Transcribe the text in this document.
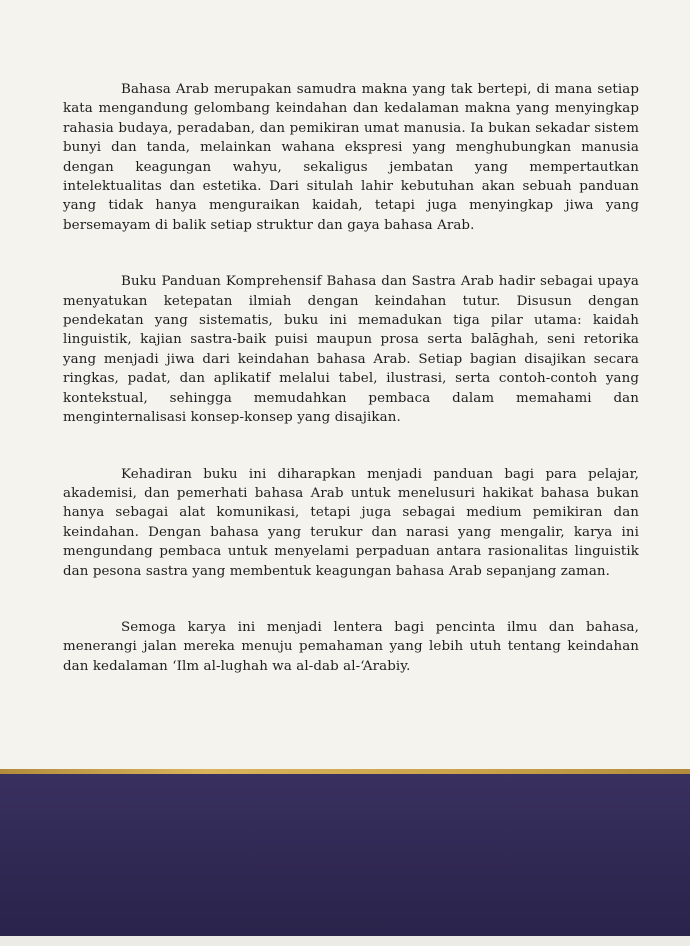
Bahasa Arab merupakan samudra makna yang tak bertepi, di mana setiap kata mengandung gelombang keindahan dan kedalaman makna yang menyingkap rahasia budaya, peradaban, dan pemikiran umat manusia. Ia bukan sekadar sistem bunyi dan tanda, melainkan wahana ekspresi yang menghubungkan manusia dengan keagungan wahyu, sekaligus jembatan yang mempertautkan intelektualitas dan estetika. Dari situlah lahir kebutuhan akan sebuah panduan yang tidak hanya menguraikan kaidah, tetapi juga menyingkap jiwa yang bersemayam di balik setiap struktur dan gaya bahasa Arab.

Buku Panduan Komprehensif Bahasa dan Sastra Arab hadir sebagai upaya menyatukan ketepatan ilmiah dengan keindahan tutur. Disusun dengan pendekatan yang sistematis, buku ini memadukan tiga pilar utama: kaidah linguistik, kajian sastra-baik puisi maupun prosa serta balāghah, seni retorika yang menjadi jiwa dari keindahan bahasa Arab. Setiap bagian disajikan secara ringkas, padat, dan aplikatif melalui tabel, ilustrasi, serta contoh-contoh yang kontekstual, sehingga memudahkan pembaca dalam memahami dan menginternalisasi konsep-konsep yang disajikan.

Kehadiran buku ini diharapkan menjadi panduan bagi para pelajar, akademisi, dan pemerhati bahasa Arab untuk menelusuri hakikat bahasa bukan hanya sebagai alat komunikasi, tetapi juga sebagai medium pemikiran dan keindahan. Dengan bahasa yang terukur dan narasi yang mengalir, karya ini mengundang pembaca untuk menyelami perpaduan antara rasionalitas linguistik dan pesona sastra yang membentuk keagungan bahasa Arab sepanjang zaman.

Semoga karya ini menjadi lentera bagi pencinta ilmu dan bahasa, menerangi jalan mereka menuju pemahaman yang lebih utuh tentang keindahan dan kedalaman ‘Ilm al-lughah wa al-dab al-‘Arabiy.
